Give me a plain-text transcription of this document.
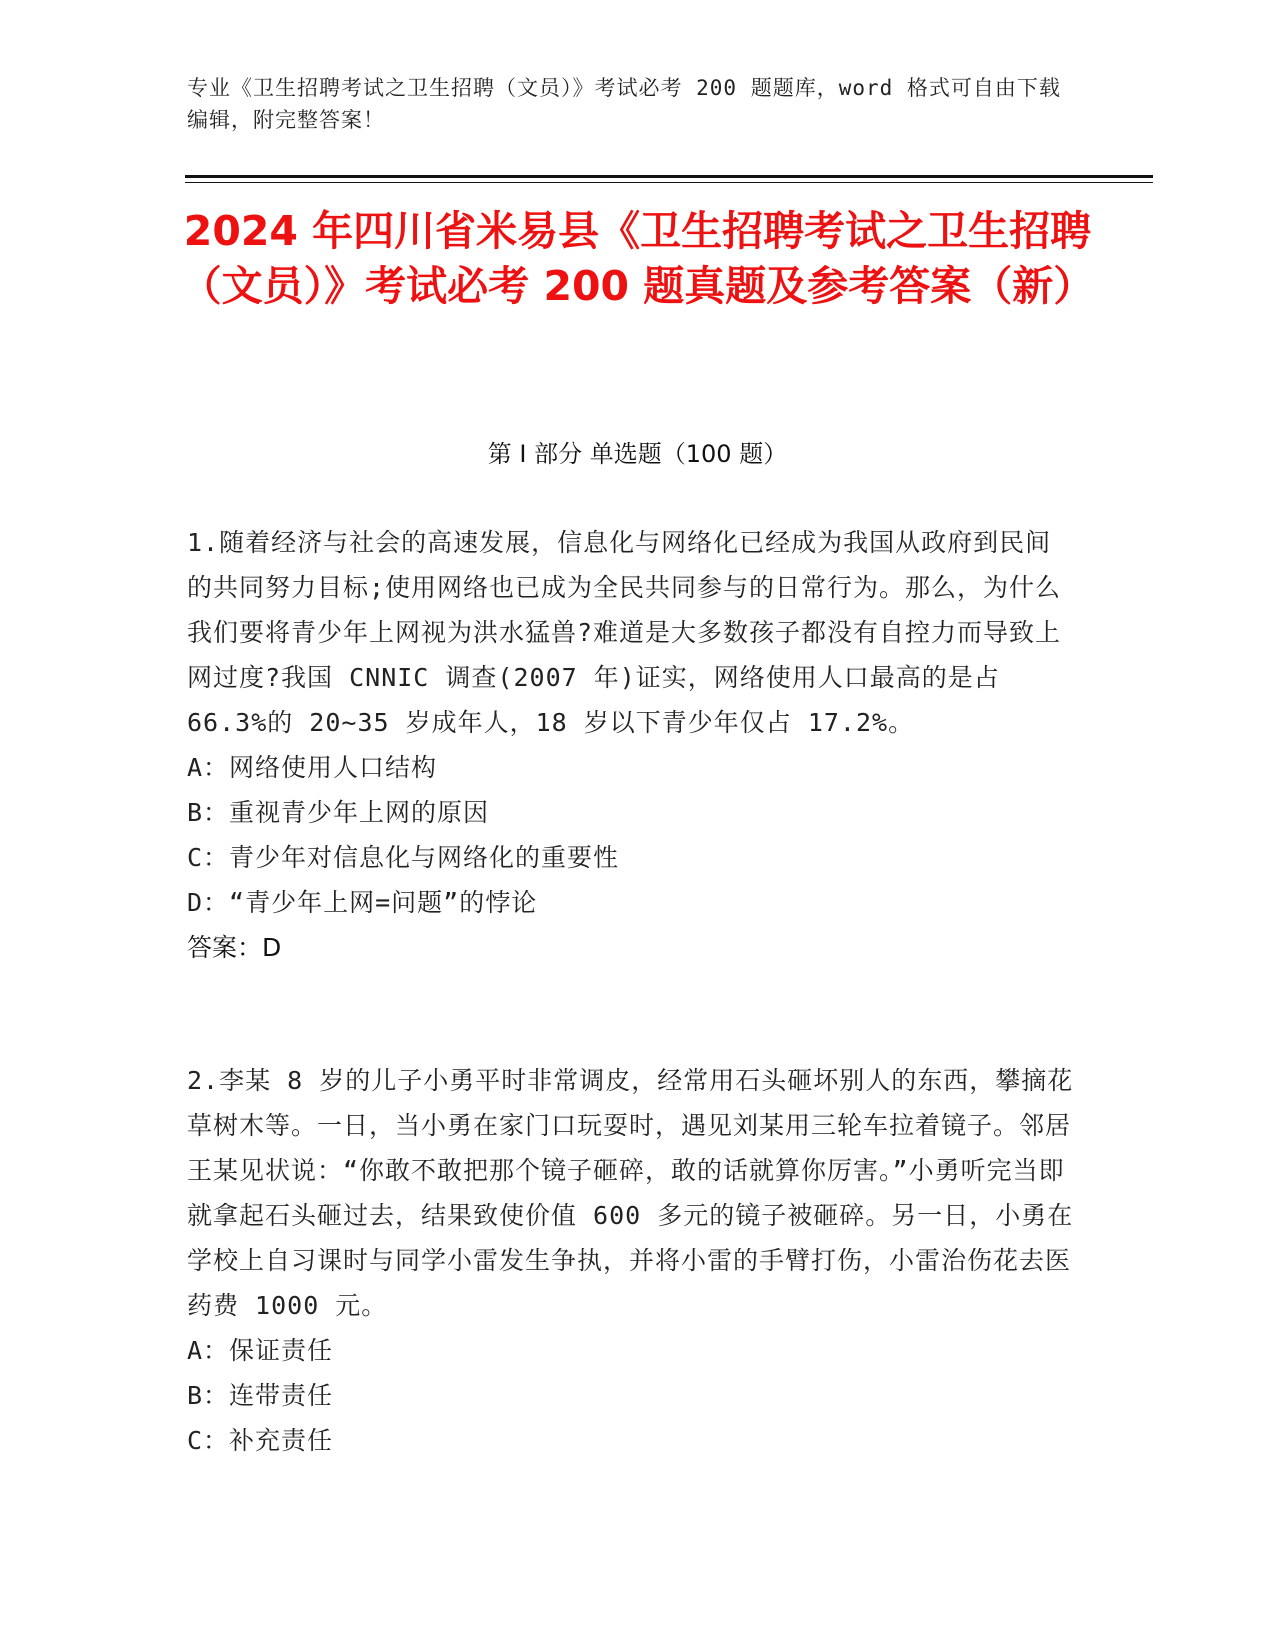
专业《卫生招聘考试之卫生招聘（文员）》考试必考 200 题题库，word 格式可自由下载编辑，附完整答案！
2024 年四川省米易县《卫生招聘考试之卫生招聘（文员）》考试必考 200 题真题及参考答案（新）
第 I 部分 单选题（100 题）
1.随着经济与社会的高速发展，信息化与网络化已经成为我国从政府到民间的共同努力目标;使用网络也已成为全民共同参与的日常行为。那么，为什么我们要将青少年上网视为洪水猛兽?难道是大多数孩子都没有自控力而导致上网过度?我国 CNNIC 调查(2007 年)证实，网络使用人口最高的是占 66.3%的 20~35 岁成年人，18 岁以下青少年仅占 17.2%。
A：网络使用人口结构
B：重视青少年上网的原因
C：青少年对信息化与网络化的重要性
D：“青少年上网=问题”的悖论
答案：D
2.李某 8 岁的儿子小勇平时非常调皮，经常用石头砸坏别人的东西，攀摘花草树木等。一日，当小勇在家门口玩耍时，遇见刘某用三轮车拉着镜子。邻居王某见状说：“你敢不敢把那个镜子砸碎，敢的话就算你厉害。”小勇听完当即就拿起石头砸过去，结果致使价值 600 多元的镜子被砸碎。另一日，小勇在学校上自习课时与同学小雷发生争执，并将小雷的手臂打伤，小雷治伤花去医药费 1000 元。
A：保证责任
B：连带责任
C：补充责任
